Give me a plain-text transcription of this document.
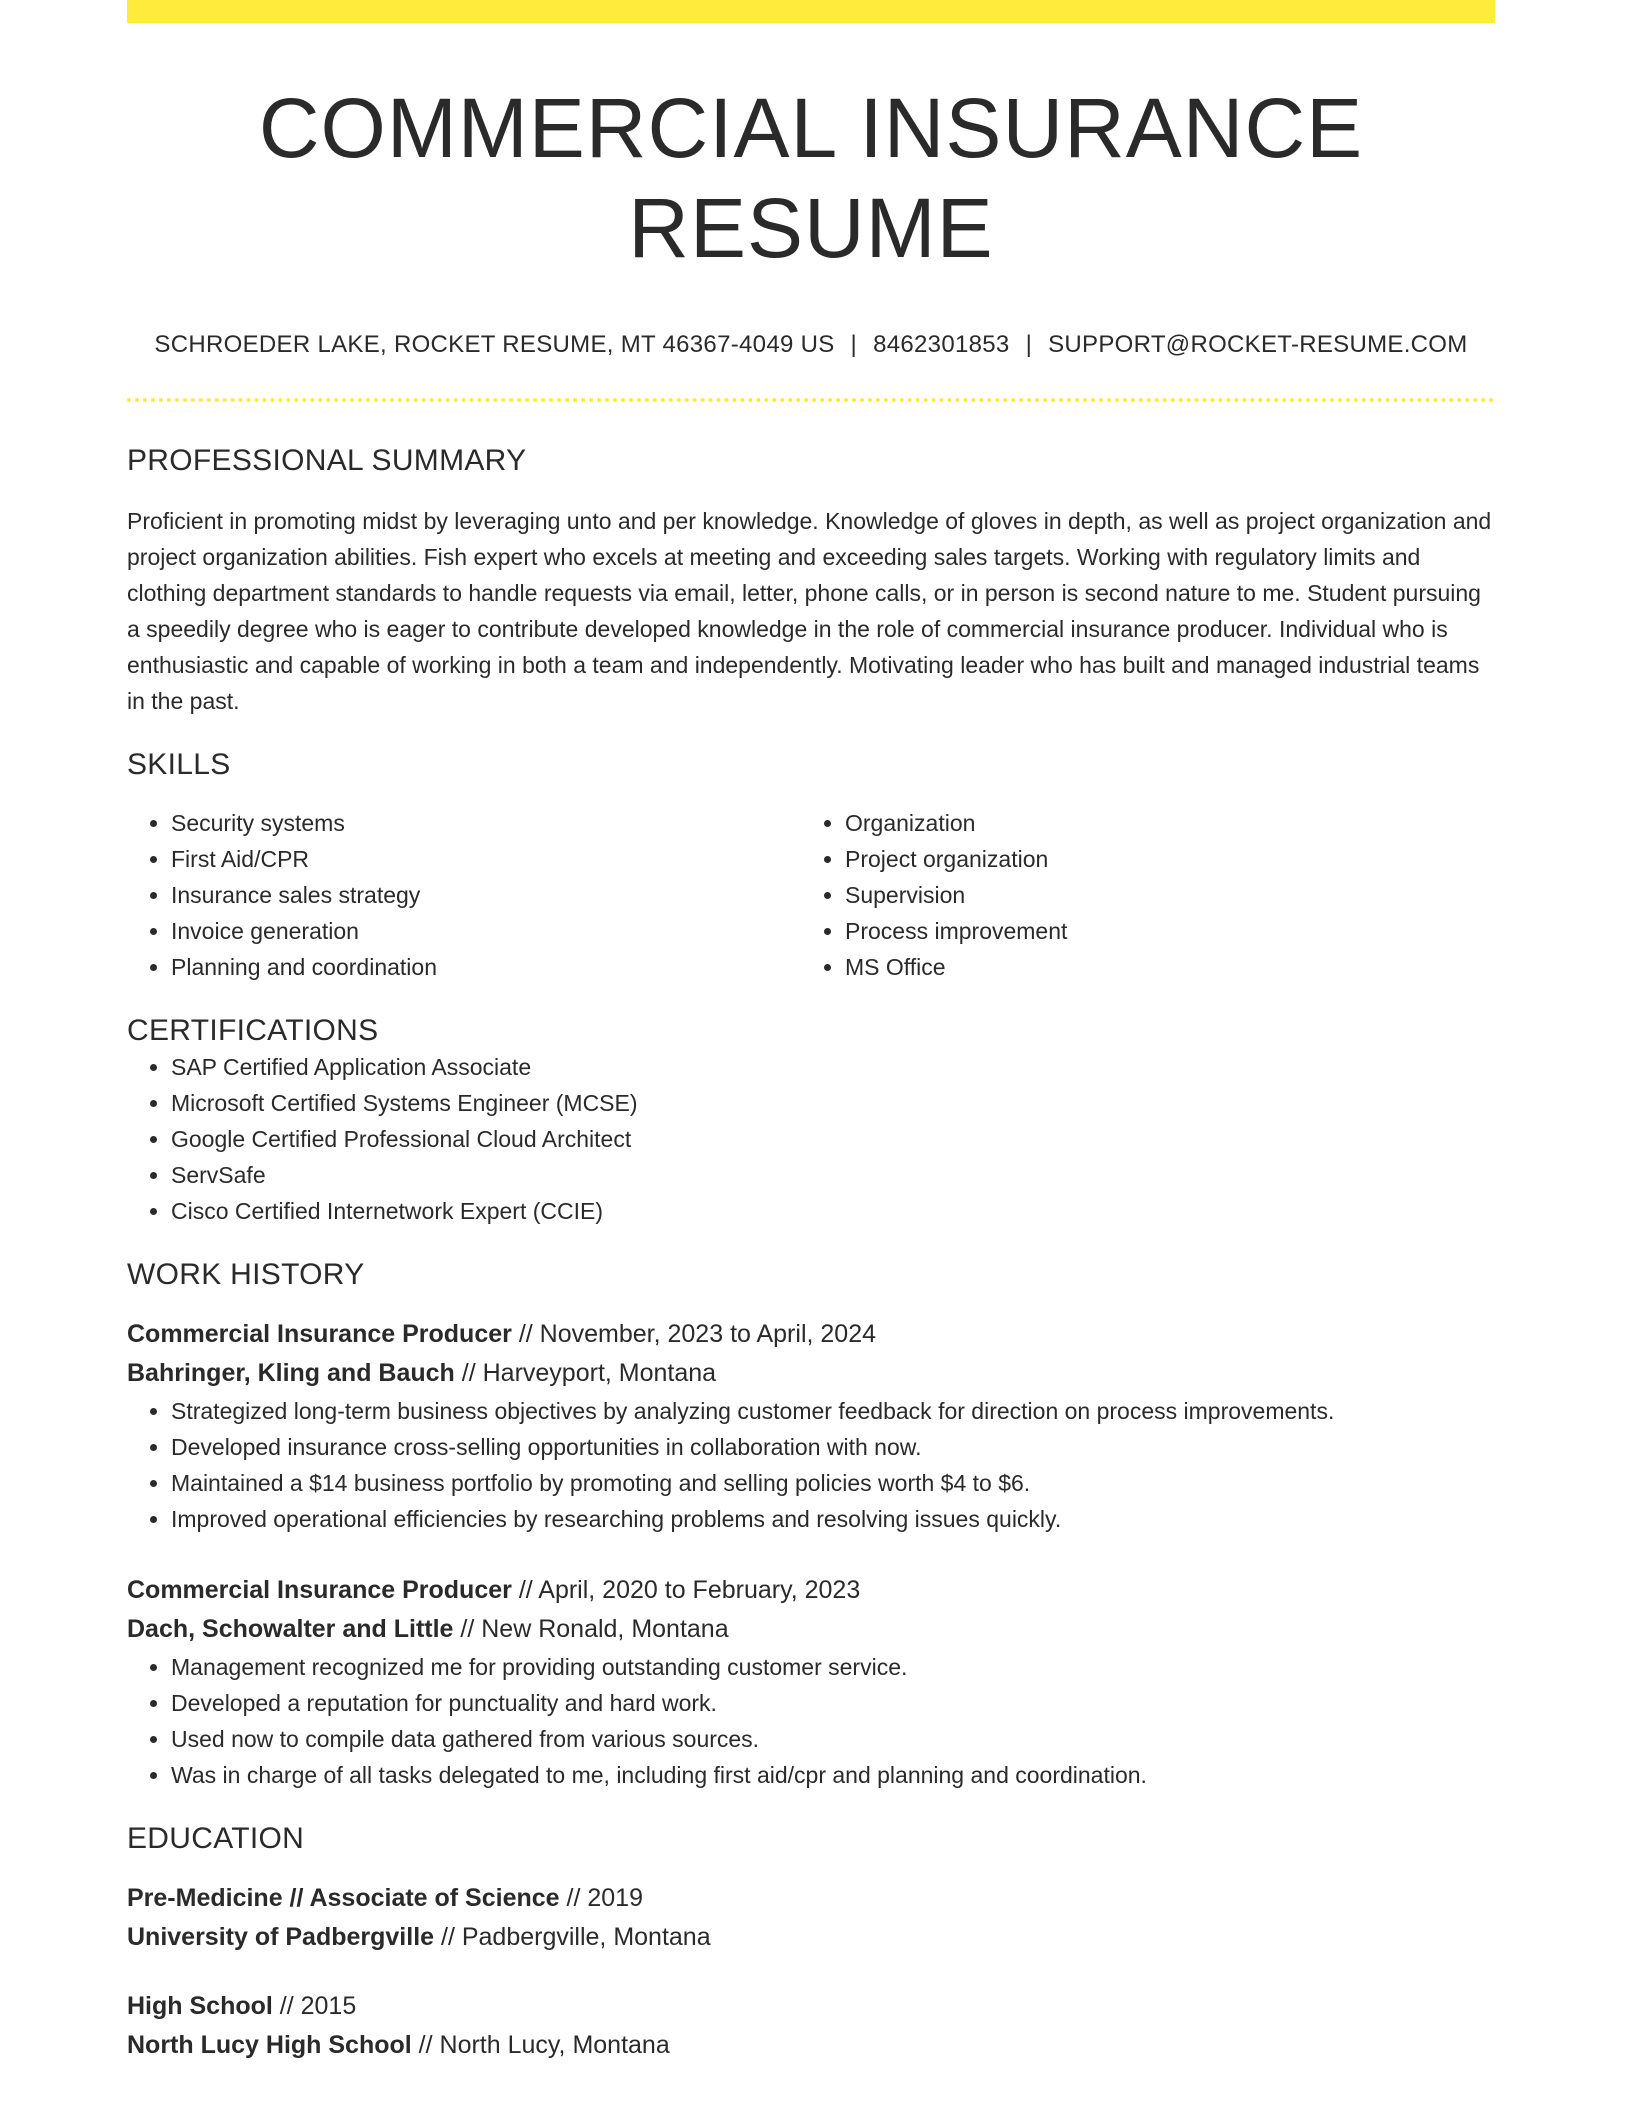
COMMERCIAL INSURANCE RESUME
SCHROEDER LAKE, ROCKET RESUME, MT 46367-4049 US | 8462301853 | SUPPORT@ROCKET-RESUME.COM
PROFESSIONAL SUMMARY

Proficient in promoting midst by leveraging unto and per knowledge. Knowledge of gloves in depth, as well as project organization and project organization abilities. Fish expert who excels at meeting and exceeding sales targets. Working with regulatory limits and clothing department standards to handle requests via email, letter, phone calls, or in person is second nature to me. Student pursuing a speedily degree who is eager to contribute developed knowledge in the role of commercial insurance producer. Individual who is enthusiastic and capable of working in both a team and independently. Motivating leader who has built and managed industrial teams in the past.

SKILLS
• Security systems
• First Aid/CPR
• Insurance sales strategy
• Invoice generation
• Planning and coordination
• Organization
• Project organization
• Supervision
• Process improvement
• MS Office
CERTIFICATIONS
• SAP Certified Application Associate
• Microsoft Certified Systems Engineer (MCSE)
• Google Certified Professional Cloud Architect
• ServSafe
• Cisco Certified Internetwork Expert (CCIE)
WORK HISTORY
Commercial Insurance Producer // November, 2023 to April, 2024
Bahringer, Kling and Bauch // Harveyport, Montana
• Strategized long-term business objectives by analyzing customer feedback for direction on process improvements.
• Developed insurance cross-selling opportunities in collaboration with now.
• Maintained a $14 business portfolio by promoting and selling policies worth $4 to $6.
• Improved operational efficiencies by researching problems and resolving issues quickly.
Commercial Insurance Producer // April, 2020 to February, 2023
Dach, Schowalter and Little // New Ronald, Montana
• Management recognized me for providing outstanding customer service.
• Developed a reputation for punctuality and hard work.
• Used now to compile data gathered from various sources.
• Was in charge of all tasks delegated to me, including first aid/cpr and planning and coordination.
EDUCATION
Pre-Medicine // Associate of Science // 2019
University of Padbergville // Padbergville, Montana
High School // 2015
North Lucy High School // North Lucy, Montana
